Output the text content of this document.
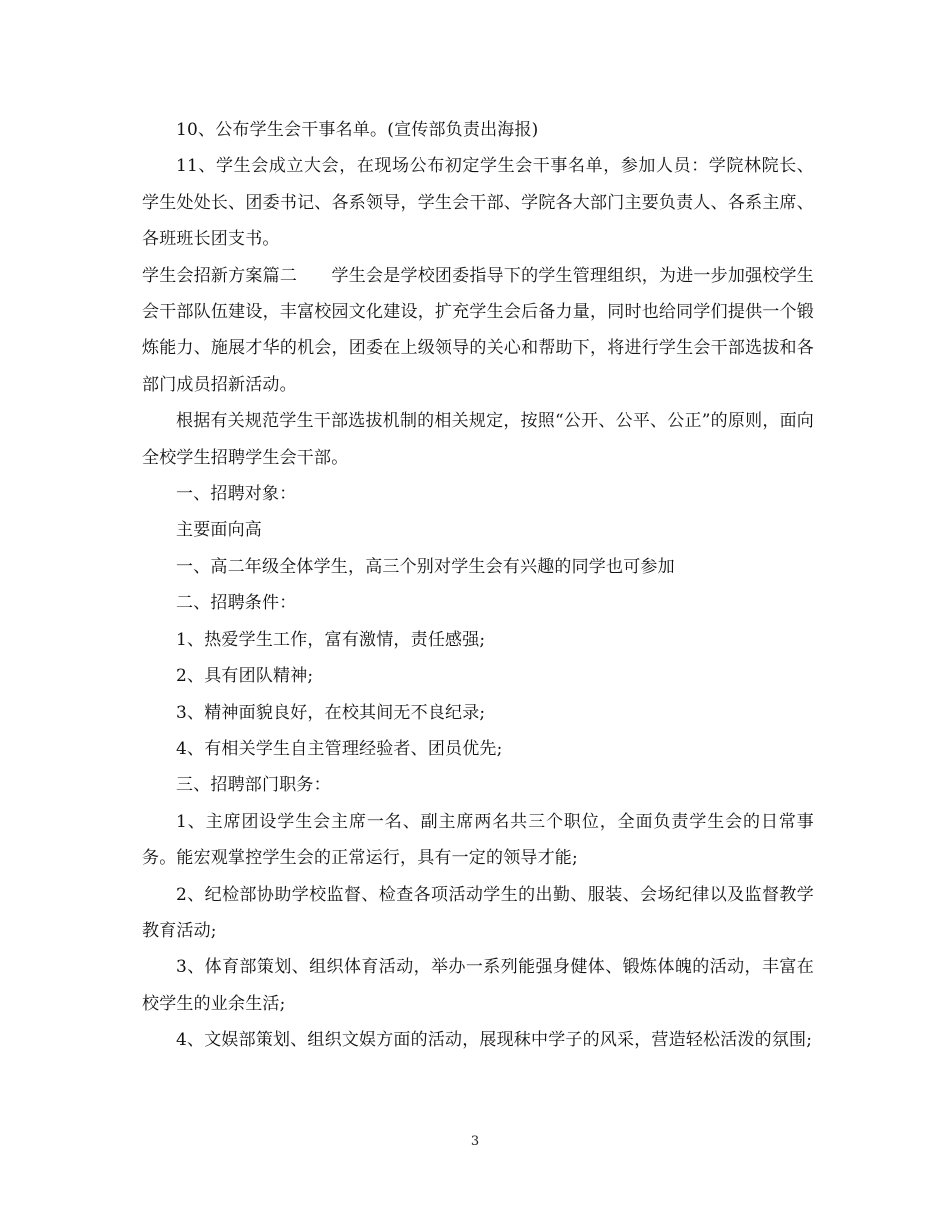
10、公布学生会干事名单。(宣传部负责出海报)

11、学生会成立大会，在现场公布初定学生会干事名单，参加人员：学院林院长、学生处处长、团委书记、各系领导，学生会干部、学院各大部门主要负责人、各系主席、各班班长团支书。

学生会招新方案篇二　　学生会是学校团委指导下的学生管理组织，为进一步加强校学生会干部队伍建设，丰富校园文化建设，扩充学生会后备力量，同时也给同学们提供一个锻炼能力、施展才华的机会，团委在上级领导的关心和帮助下，将进行学生会干部选拔和各部门成员招新活动。

根据有关规范学生干部选拔机制的相关规定，按照“公开、公平、公正”的原则，面向全校学生招聘学生会干部。

一、招聘对象：

主要面向高

一、高二年级全体学生，高三个别对学生会有兴趣的同学也可参加

二、招聘条件：

1、热爱学生工作，富有激情，责任感强;

2、具有团队精神;

3、精神面貌良好，在校其间无不良纪录;

4、有相关学生自主管理经验者、团员优先;

三、招聘部门职务：

1、主席团设学生会主席一名、副主席两名共三个职位，全面负责学生会的日常事务。能宏观掌控学生会的正常运行，具有一定的领导才能;

2、纪检部协助学校监督、检查各项活动学生的出勤、服装、会场纪律以及监督教学教育活动;

3、体育部策划、组织体育活动，举办一系列能强身健体、锻炼体魄的活动，丰富在校学生的业余生活;

4、文娱部策划、组织文娱方面的活动，展现秣中学子的风采，营造轻松活泼的氛围;

3
